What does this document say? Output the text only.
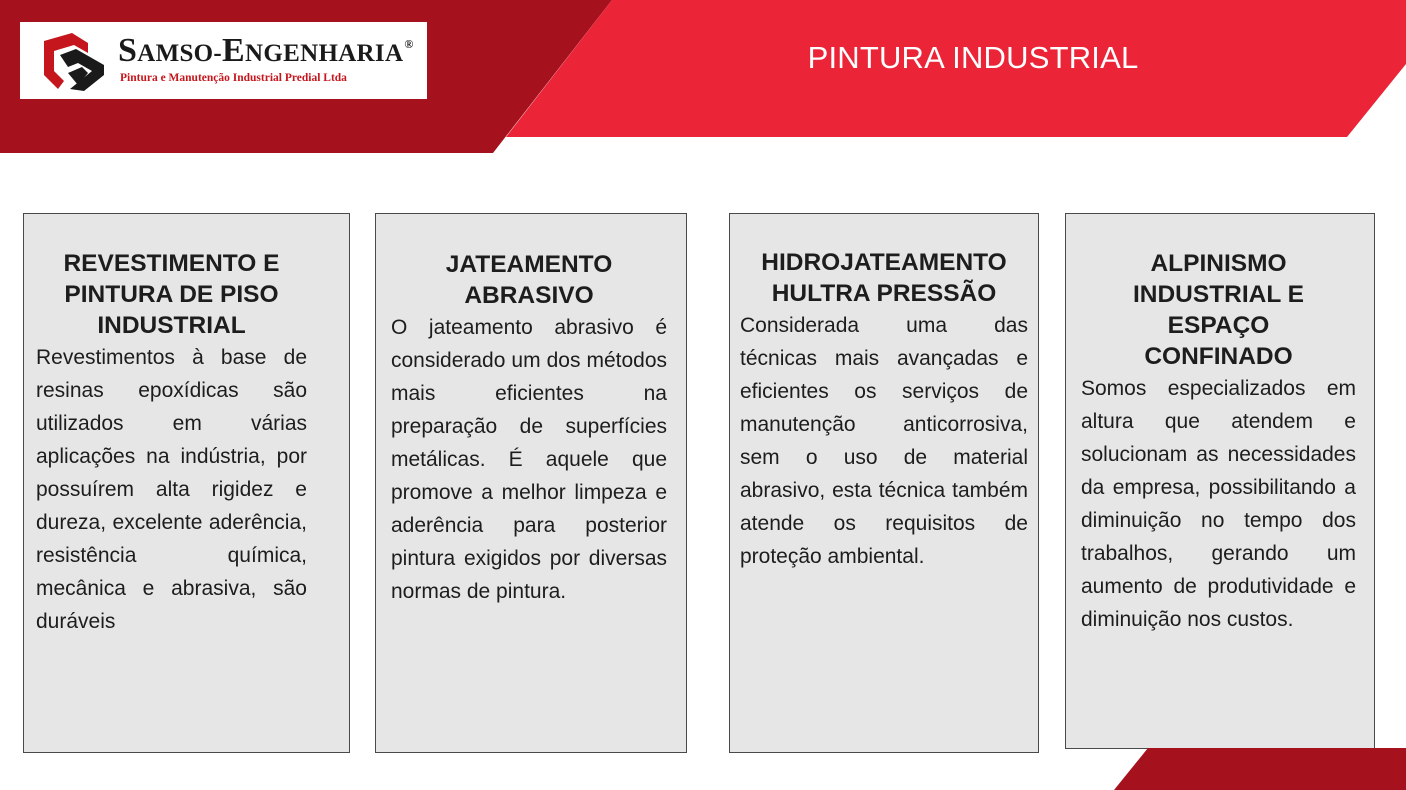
PINTURA INDUSTRIAL
SAMSO-ENGENHARIA®
Pintura e Manutenção Industrial Predial Ltda
REVESTIMENTO E PINTURA DE PISO INDUSTRIAL

Revestimentos à base de resinas epoxídicas são utilizados em várias aplicações na indústria, por possuírem alta rigidez e dureza, excelente aderência, resistência química, mecânica e abrasiva, são duráveis

JATEAMENTO ABRASIVO

O jateamento abrasivo é considerado um dos métodos mais eficientes na preparação de superfícies metálicas. É aquele que promove a melhor limpeza e aderência para posterior pintura exigidos por diversas normas de pintura.

HIDROJATEAMENTO HULTRA PRESSÃO

Considerada uma das técnicas mais avançadas e eficientes os serviços de manutenção anticorrosiva, sem o uso de material abrasivo, esta técnica também atende os requisitos de proteção ambiental.

ALPINISMO INDUSTRIAL E ESPAÇO CONFINADO

Somos especializados em altura que atendem e solucionam as necessidades da empresa, possibilitando a diminuição no tempo dos trabalhos, gerando um aumento de produtividade e diminuição nos custos.
